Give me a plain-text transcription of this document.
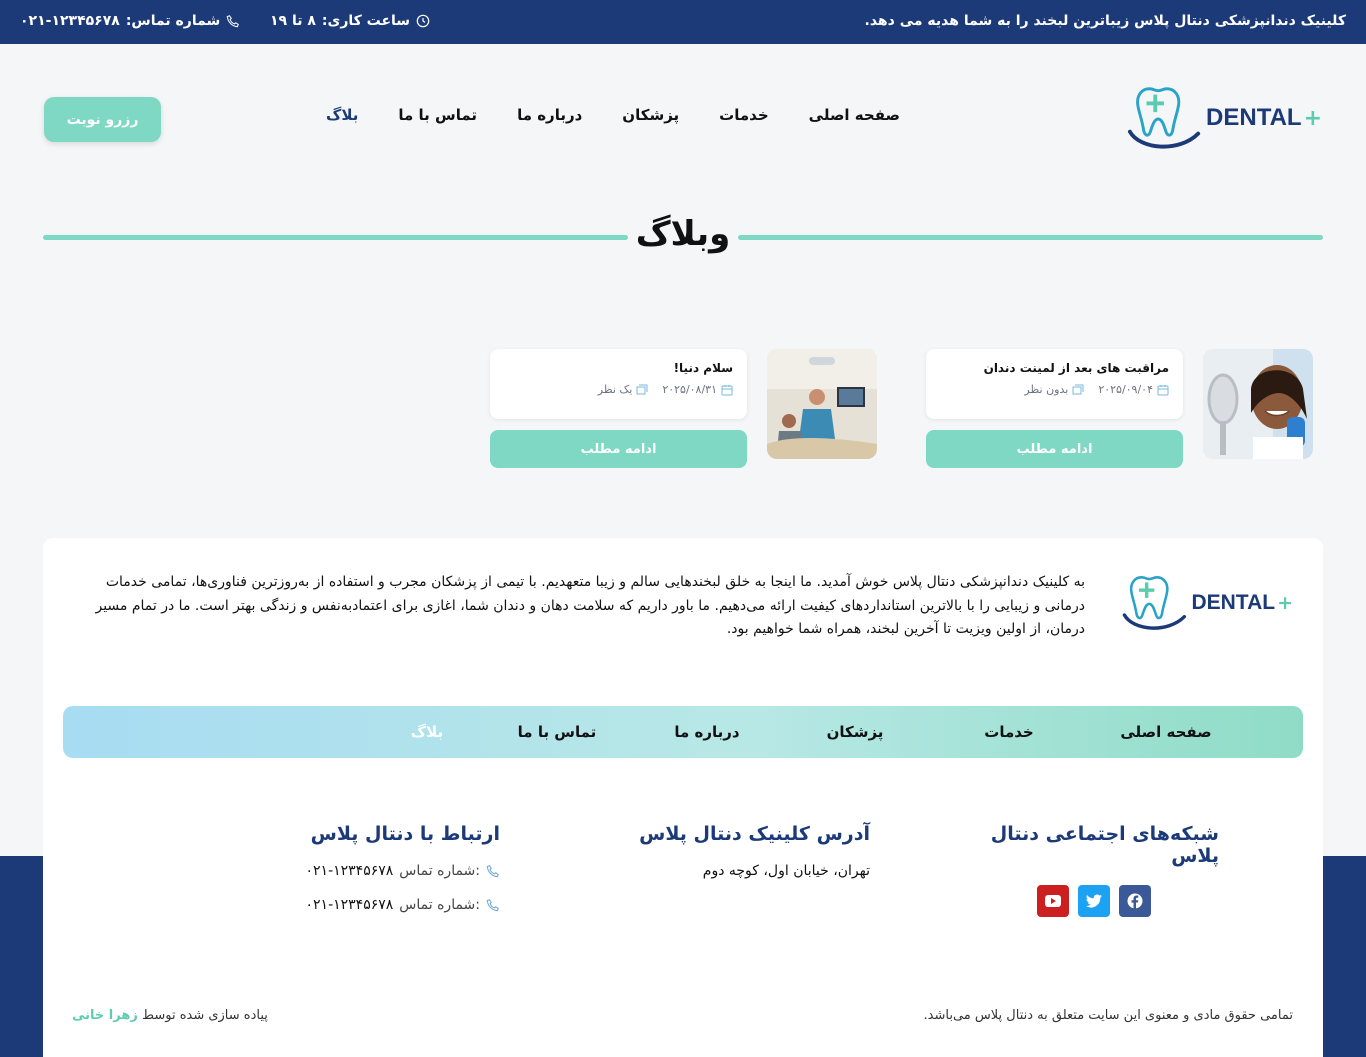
کلینیک دندانپزشکی دنتال پلاس زیباترین لبخند را به شما هدیه می دهد.
ساعت کاری:
۸ تا ۱۹
شماره تماس:
۰۲۱-۱۲۳۴۵۶۷۸
DENTAL +
صفحه اصلی
خدمات
پزشکان
درباره ما
تماس با ما
بلاگ
رزرو نوبت
وبلاگ
مراقبت های بعد از لمینت دندان
۲۰۲۵/۰۹/۰۴
بدون نظر
ادامه مطلب
سلام دنیا!
۲۰۲۵/۰۸/۳۱
یک نظر
ادامه مطلب
DENTAL +

به کلینیک دندانپزشکی دنتال پلاس خوش آمدید. ما اینجا به خلق لبخندهایی سالم و زیبا متعهدیم. با تیمی از پزشکان مجرب و استفاده از به‌روزترین فناوری‌ها، تمامی خدمات درمانی و زیبایی را با بالاترین استانداردهای کیفیت ارائه می‌دهیم. ما باور داریم که سلامت دهان و دندان شما، اغازی برای اعتمادبه‌نفس و زندگی بهتر است. ما در تمام مسیر درمان، از اولین ویزیت تا آخرین لبخند، همراه شما خواهیم بود.

صفحه اصلی
خدمات
پزشکان
درباره ما
تماس با ما
بلاگ
شبکه‌های اجتماعی دنتال پلاس
آدرس کلینیک دنتال پلاس
تهران، خیابان اول، کوچه دوم
ارتباط با دنتال پلاس
۰۲۱-۱۲۳۴۵۶۷۸ شماره تماس:
۰۲۱-۱۲۳۴۵۶۷۸ شماره تماس:
تمامی حقوق مادی و معنوی این سایت متعلق به دنتال پلاس می‌باشد.
پیاده سازی شده توسط زهرا خانی
